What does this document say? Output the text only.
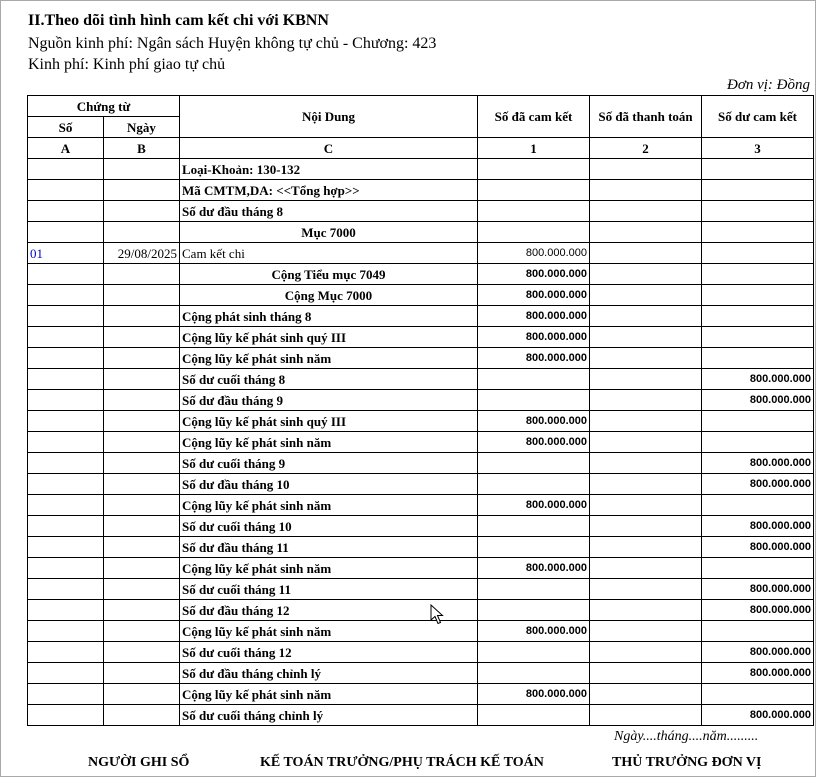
II.Theo dõi tình hình cam kết chi với KBNN
Nguồn kinh phí: Ngân sách Huyện không tự chủ - Chương: 423
Kinh phí: Kinh phí giao tự chủ
Đơn vị: Đồng
Chứng từ		Nội Dung	Số đã cam kết	Số đã thanh toán	Số dư cam kết
Số	Ngày				
A	B	C	1	2	3
		Loại-Khoản: 130-132			
		Mã CMTM,DA: <<Tổng hợp>>			
		Số dư đầu tháng 8			
		Mục 7000			
01	29/08/2025	Cam kết chi	800.000.000		
		Cộng Tiểu mục 7049	800.000.000		
		Cộng Mục 7000	800.000.000		
		Cộng phát sinh tháng 8	800.000.000		
		Cộng lũy kế phát sinh quý III	800.000.000		
		Cộng lũy kế phát sinh năm	800.000.000		
		Số dư cuối tháng 8			800.000.000
		Số dư đầu tháng 9			800.000.000
		Cộng lũy kế phát sinh quý III	800.000.000		
		Cộng lũy kế phát sinh năm	800.000.000		
		Số dư cuối tháng 9			800.000.000
		Số dư đầu tháng 10			800.000.000
		Cộng lũy kế phát sinh năm	800.000.000		
		Số dư cuối tháng 10			800.000.000
		Số dư đầu tháng 11			800.000.000
		Cộng lũy kế phát sinh năm	800.000.000		
		Số dư cuối tháng 11			800.000.000
		Số dư đầu tháng 12			800.000.000
		Cộng lũy kế phát sinh năm	800.000.000		
		Số dư cuối tháng 12			800.000.000
		Số dư đầu tháng chỉnh lý			800.000.000
		Cộng lũy kế phát sinh năm	800.000.000		
		Số dư cuối tháng chỉnh lý			800.000.000
Ngày....tháng....năm.........
NGƯỜI GHI SỔ	KẾ TOÁN TRƯỞNG/PHỤ TRÁCH KẾ TOÁN	THỦ TRƯỞNG ĐƠN VỊ
